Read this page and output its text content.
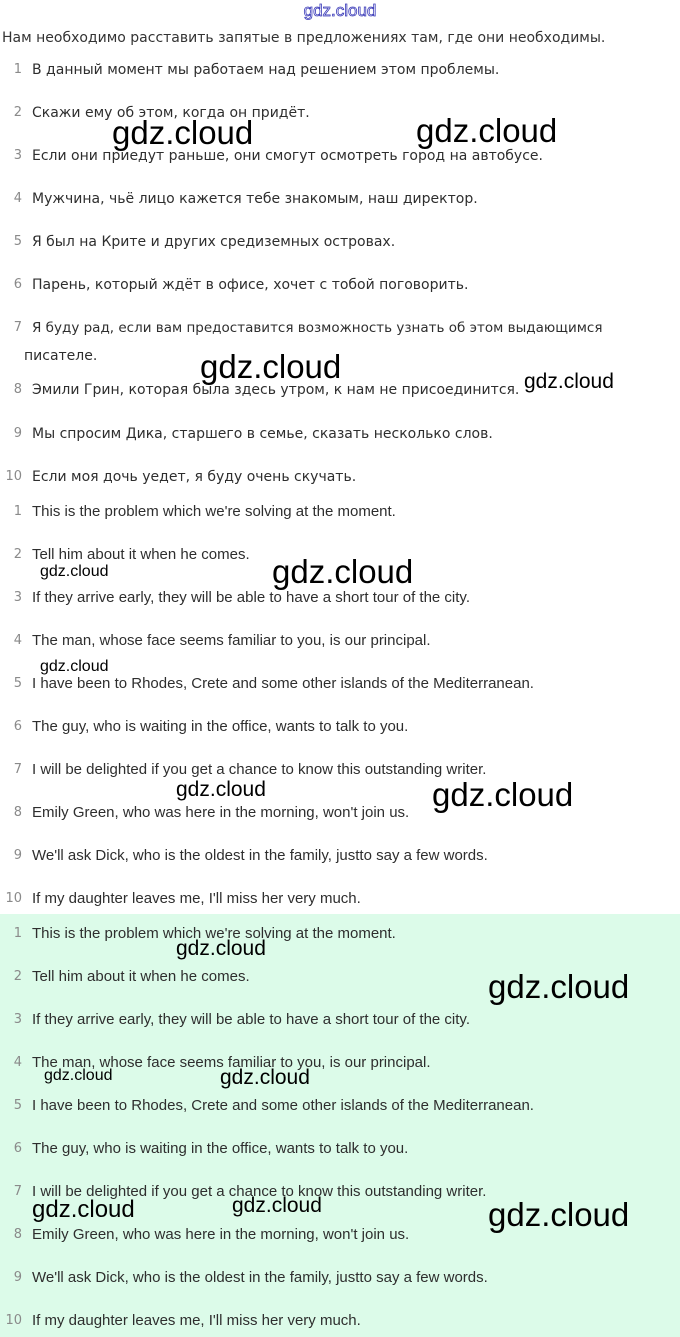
gdz.cloud
Нам необходимо расставить запятые в предложениях там, где они необходимы.
1 В данный момент мы работаем над решением этом проблемы.
2 Скажи ему об этом, когда он придёт.
3 Если они приедут раньше, они смогут осмотреть город на автобусе.
4 Мужчина, чьё лицо кажется тебе знакомым, наш директор.
5 Я был на Крите и других средиземных островах.
6 Парень, который ждёт в офисе, хочет с тобой поговорить.
7 Я буду рад, если вам предоставится возможность узнать об этом выдающимся
писателе.
8 Эмили Грин, которая была здесь утром, к нам не присоединится.
9 Мы спросим Дика, старшего в семье, сказать несколько слов.
10 Если моя дочь уедет, я буду очень скучать.
1 This is the problem which we're solving at the moment.
2 Tell him about it when he comes.
3 If they arrive early, they will be able to have a short tour of the city.
4 The man, whose face seems familiar to you, is our principal.
5 I have been to Rhodes, Crete and some other islands of the Mediterranean.
6 The guy, who is waiting in the office, wants to talk to you.
7 I will be delighted if you get a chance to know this outstanding writer.
8 Emily Green, who was here in the morning, won't join us.
9 We'll ask Dick, who is the oldest in the family, justto say a few words.
10 If my daughter leaves me, I'll miss her very much.
1 This is the problem which we're solving at the moment.
2 Tell him about it when he comes.
3 If they arrive early, they will be able to have a short tour of the city.
4 The man, whose face seems familiar to you, is our principal.
5 I have been to Rhodes, Crete and some other islands of the Mediterranean.
6 The guy, who is waiting in the office, wants to talk to you.
7 I will be delighted if you get a chance to know this outstanding writer.
8 Emily Green, who was here in the morning, won't join us.
9 We'll ask Dick, who is the oldest in the family, justto say a few words.
10 If my daughter leaves me, I'll miss her very much.
gdz.cloud	gdz.cloud
gdz.cloud	gdz.cloud
gdz.cloud	gdz.cloud
gdz.cloud
gdz.cloud	gdz.cloud
gdz.cloud
gdz.cloud
gdz.cloud	gdz.cloud
gdz.cloud	gdz.cloud	gdz.cloud
